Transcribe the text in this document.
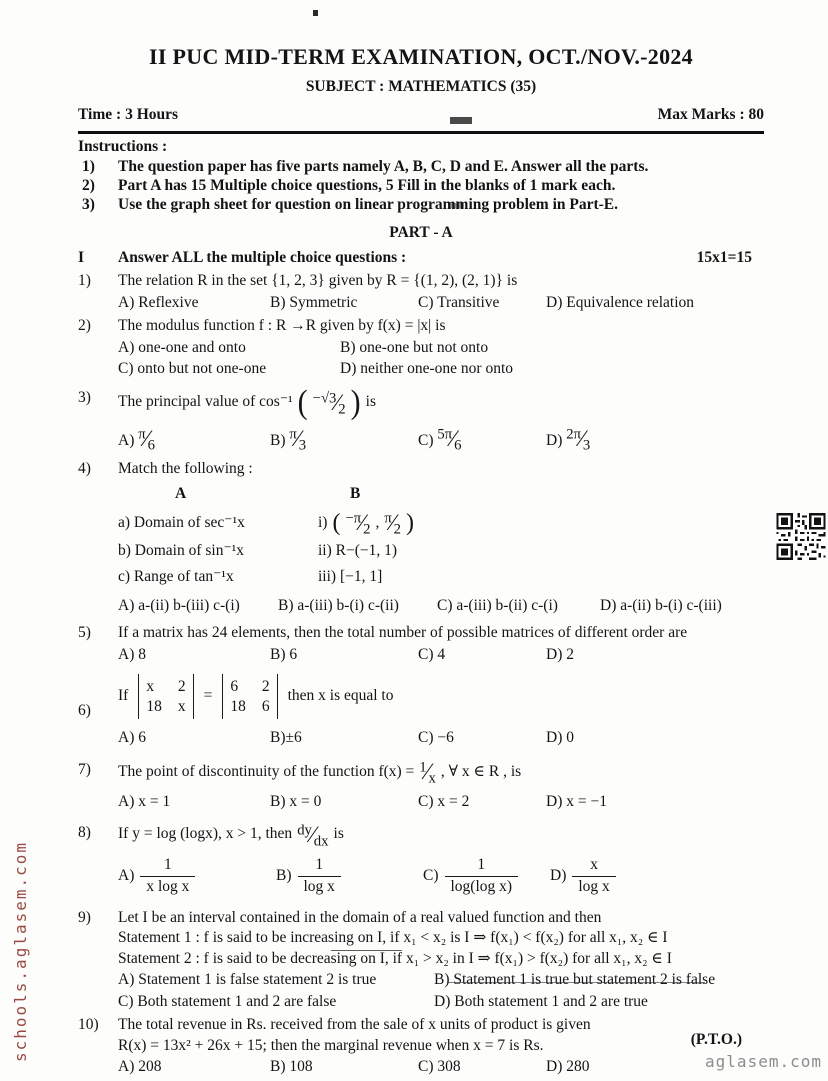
II PUC MID-TERM EXAMINATION, OCT./NOV.-2024
SUBJECT : MATHEMATICS (35)
Time : 3 Hours	Max Marks : 80
Instructions :
1)	The question paper has five parts namely A, B, C, D and E. Answer all the parts.
2)	Part A has 15 Multiple choice questions, 5 Fill in the blanks of 1 mark each.
3)	Use the graph sheet for question on linear programming problem in Part-E.
PART - A
I	Answer ALL the multiple choice questions :	15x1=15
1)	The relation R in the set {1, 2, 3} given by R = {(1, 2), (2, 1)} is
A) Reflexive	B) Symmetric	C) Transitive	D) Equivalence relation
2)	The modulus function f : R →R given by f(x) = |x| is
A) one-one and onto	B) one-one but not onto
C) onto but not one-one	D) neither one-one nor onto
3)	The principal value of cos⁻¹ ( −√3⁄2 ) is
A) π⁄6	B) π⁄3	C) 5π⁄6	D) 2π⁄3
4)	Match the following :
A	B
a) Domain of sec⁻¹x	i) ( −π⁄2 , π⁄2 )
b) Domain of sin⁻¹x	ii) R−(−1, 1)
c) Range of tan⁻¹x	iii) [−1, 1]
A) a-(ii) b-(iii) c-(i)	B) a-(iii) b-(i) c-(ii)	C) a-(iii) b-(ii) c-(i)	D) a-(ii) b-(i) c-(iii)
5)	If a matrix has 24 elements, then the total number of possible matrices of different order are
A) 8	B) 6	C) 4	D) 2
6)
If
x 2
18 x
=
6 2
18 6
then x is equal to
A) 6	B)±6	C) −6	D) 0
7)	The point of discontinuity of the function f(x) = 1⁄x , ∀ x ∈ R , is
A) x = 1	B) x = 0	C) x = 2	D) x = −1
8)	If y = log (logx), x > 1, then dy⁄dx is
A)
1
x log x
B)
1
log x
C)
1
log(log x)
D)
x
log x
9)	Let I be an interval contained in the domain of a real valued function and then
Statement 1 : f is said to be increasing on I, if x₁ < x₂ is I ⇒ f(x₁) < f(x₂) for all x₁, x₂ ∈ I
Statement 2 : f is said to be decreasing on I, if x₁ > x₂ in I ⇒ f(x₁) > f(x₂) for all x₁, x₂ ∈ I
A) Statement 1 is false statement 2 is true	B) Statement 1 is true but statement 2 is false
C) Both statement 1 and 2 are false	D) Both statement 1 and 2 are true
10)	The total revenue in Rs. received from the sale of x units of product is given
R(x) = 13x² + 26x + 15; then the marginal revenue when x = 7 is Rs.
A) 208	B) 108	C) 308	D) 280
(P.T.O.)
aglasem.com
schools.aglasem.com
